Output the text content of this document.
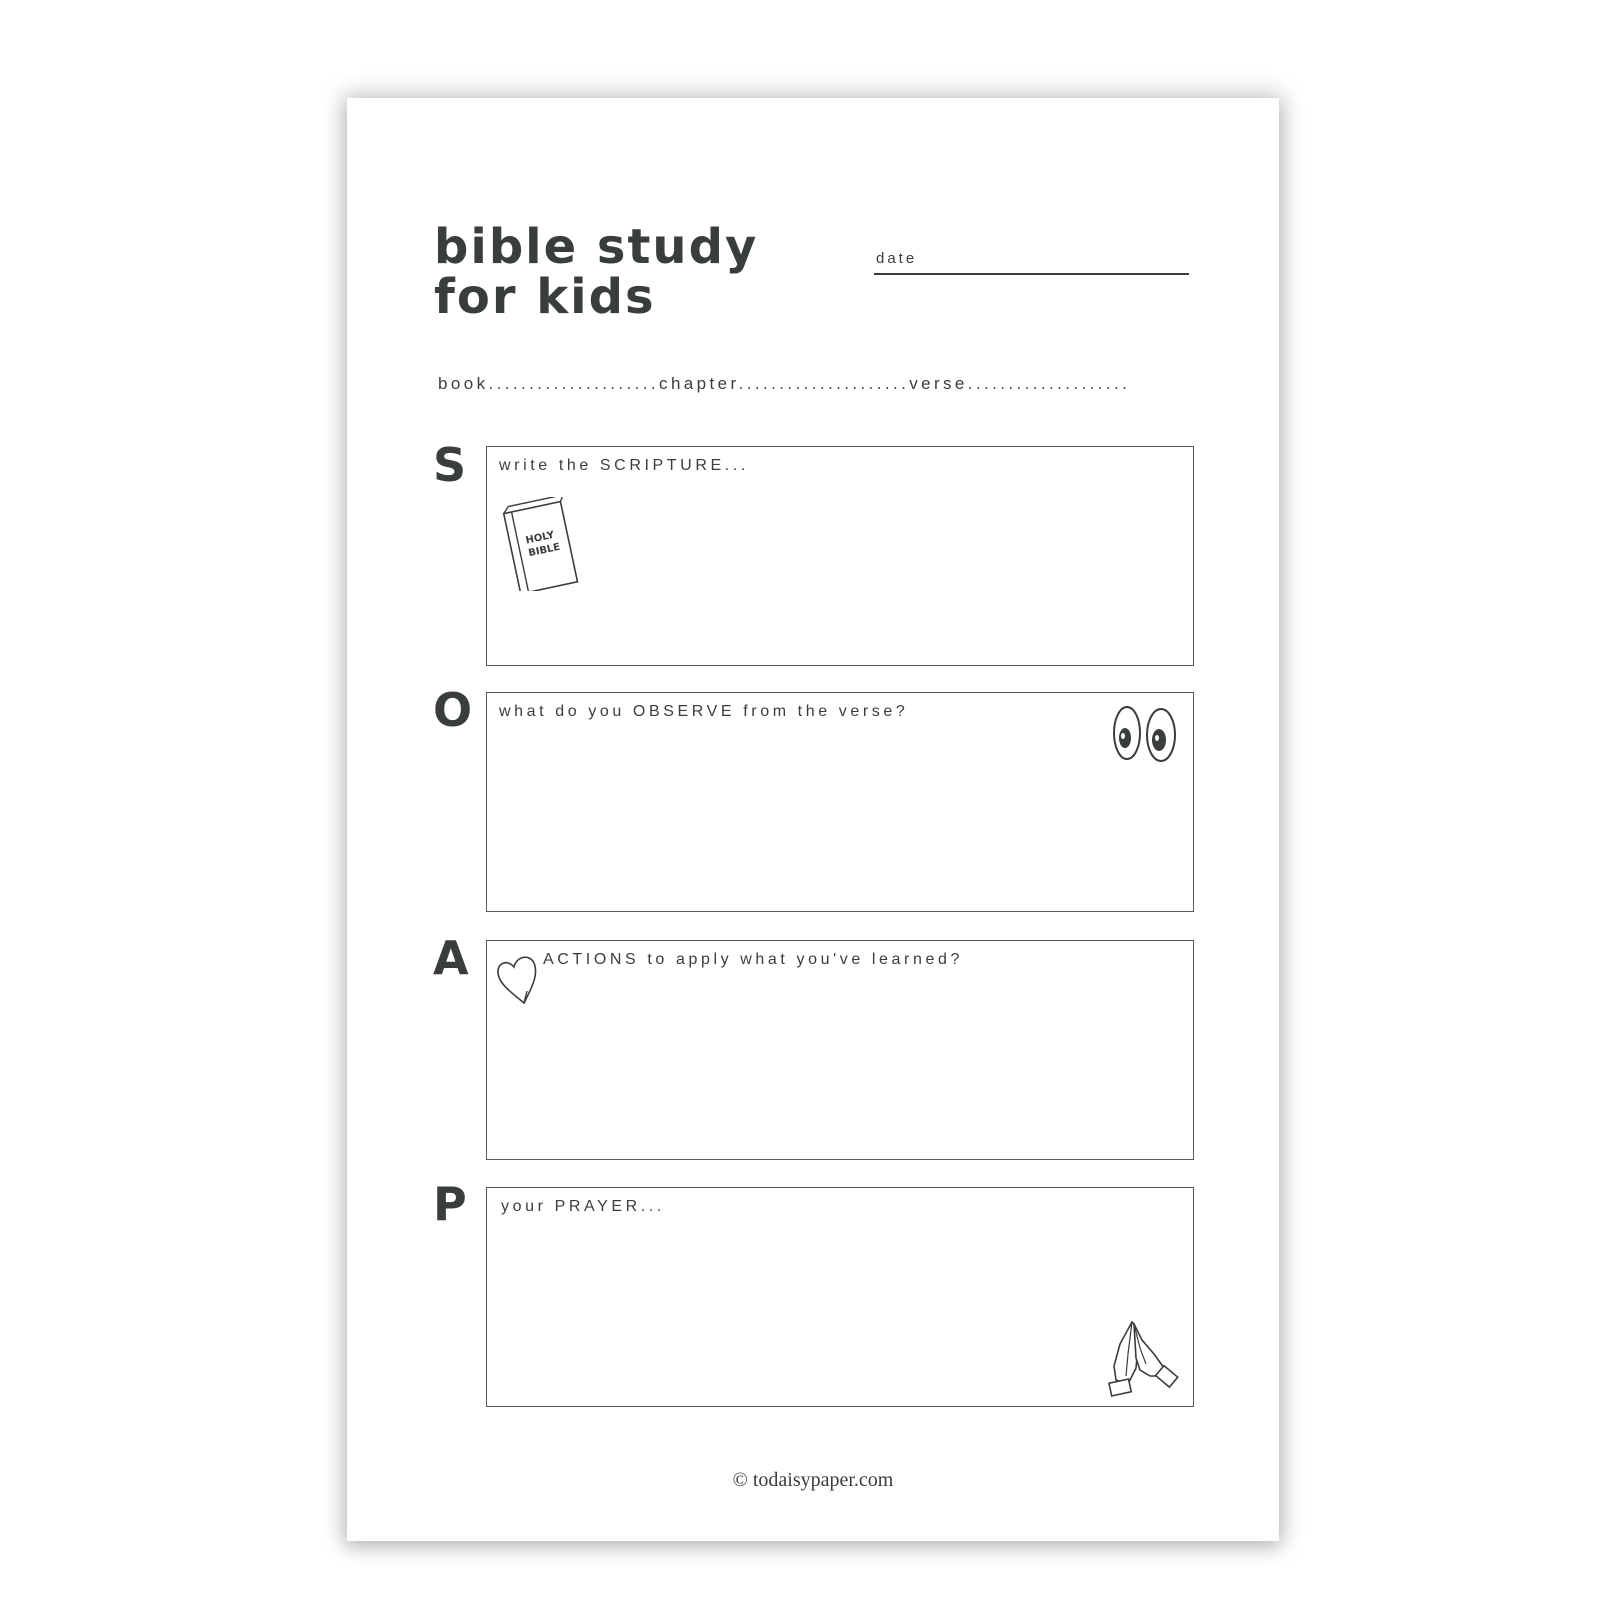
bible study
for kids
date
book.....................chapter.....................verse....................
S write the SCRIPTURE...
HOLY
BIBLE
O what do you OBSERVE from the verse?
A	ACTIONS to apply what you've learned?
P your PRAYER...
© todaisypaper.com
